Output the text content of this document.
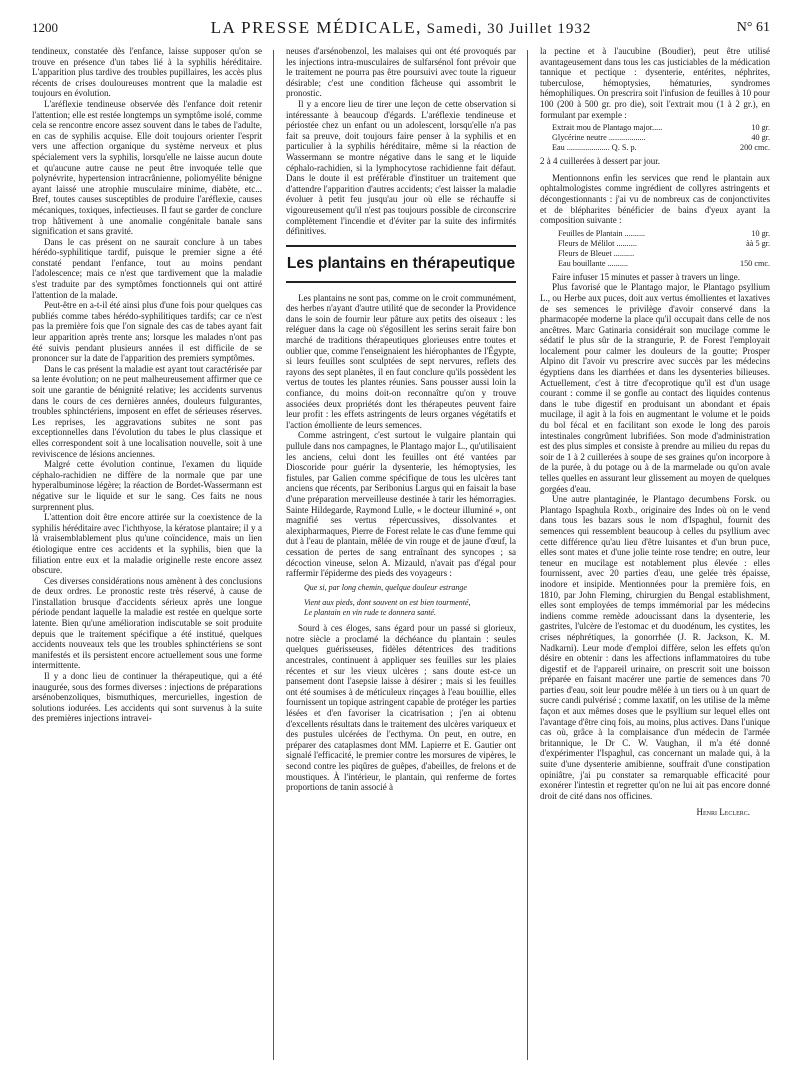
1200	LA PRESSE MÉDICALE, Samedi, 30 Juillet 1932	N° 61

tendineux, constatée dès l'enfance, laisse supposer qu'on se trouve en présence d'un tabes lié à la syphilis héréditaire. L'apparition plus tardive des troubles pupillaires, les accès plus récents de crises douloureuses montrent que la maladie est toujours en évolution.

L'aréflexie tendineuse observée dès l'enfance doit retenir l'attention; elle est restée longtemps un symptôme isolé, comme cela se rencontre encore assez souvent dans le tabes de l'adulte, en cas de syphilis acquise. Elle doit toujours orienter l'esprit vers une affection organique du système nerveux et plus spécialement vers la syphilis, lorsqu'elle ne laisse aucun doute et qu'aucune autre cause ne peut être invoquée telle que polynévrite, hypertension intracrânienne, poliomyélite bénigne ayant laissé une atrophie musculaire minime, diabète, etc... Bref, toutes causes susceptibles de produire l'aréflexie, causes mécaniques, toxiques, infectieuses. Il faut se garder de conclure trop hâtivement à une anomalie congénitale banale sans signification et sans gravité.

Dans le cas présent on ne saurait conclure à un tabes hérédo-syphilitique tardif, puisque le premier signe a été constaté pendant l'enfance, tout au moins pendant l'adolescence; mais ce n'est que tardivement que la maladie s'est traduite par des symptômes fonctionnels qui ont attiré l'attention de la malade.

Peut-être en a-t-il été ainsi plus d'une fois pour quelques cas publiés comme tabes hérédo-syphilitiques tardifs; car ce n'est pas la première fois que l'on signale des cas de tabes ayant fait leur apparition après trente ans; lorsque les malades n'ont pas été suivis pendant plusieurs années il est difficile de se prononcer sur la date de l'apparition des premiers symptômes.

Dans le cas présent la maladie est ayant tout caractérisée par sa lente évolution; on ne peut malheureusement affirmer que ce soit une garantie de bénignité relative; les accidents survenus dans le cours de ces dernières années, douleurs fulgurantes, troubles sphinctériens, imposent en effet de sérieuses réserves. Les reprises, les aggravations subites ne sont pas exceptionnelles dans l'évolution du tabes le plus classique et elles correspondent soit à une localisation nouvelle, soit à une reviviscence de lésions anciennes.

Malgré cette évolution continue, l'examen du liquide céphalo-rachidien ne diffère de la normale que par une hyperalbuminose légère; la réaction de Bordet-Wassermann est négative sur le liquide et sur le sang. Ces faits ne nous surprennent plus.

L'attention doit être encore attirée sur la coexistence de la syphilis héréditaire avec l'ichthyose, la kératose plantaire; il y a là vraisemblablement plus qu'une coïncidence, mais un lien étiologique entre ces accidents et la syphilis, bien que la filiation entre eux et la maladie originelle reste encore assez obscure.

Ces diverses considérations nous amènent à des conclusions de deux ordres. Le pronostic reste très réservé, à cause de l'installation brusque d'accidents sérieux après une longue période pendant laquelle la maladie est restée en quelque sorte latente. Bien qu'une amélioration indiscutable se soit produite depuis que le traitement spécifique a été institué, quelques accidents nouveaux tels que les troubles sphinctériens se sont manifestés et ils persistent encore actuellement sous une forme intermittente.

Il y a donc lieu de continuer la thérapeutique, qui a été inaugurée, sous des formes diverses : injections de préparations arsénobenzoliques, bismuthiques, mercurielles, ingestion de solutions iodurées. Les accidents qui sont survenus à la suite des premières injections intravei-

neuses d'arsénobenzol, les malaises qui ont été provoqués par les injections intra-musculaires de sulfarsénol font prévoir que le traitement ne pourra pas être poursuivi avec toute la rigueur désirable; c'est une condition fâcheuse qui assombrit le pronostic.

Il y a encore lieu de tirer une leçon de cette observation si intéressante à beaucoup d'égards. L'aréflexie tendineuse et périostée chez un enfant ou un adolescent, lorsqu'elle n'a pas fait sa preuve, doit toujours faire penser à la syphilis et en particulier à la syphilis héréditaire, même si la réaction de Wassermann se montre négative dans le sang et le liquide céphalo-rachidien, si la lymphocytose rachidienne fait défaut. Dans le doute il est préférable d'instituer un traitement que d'attendre l'apparition d'autres accidents; c'est laisser la maladie évoluer à petit feu jusqu'au jour où elle se réchauffe si vigoureusement qu'il n'est pas toujours possible de circonscrire complètement l'incendie et d'éviter par la suite des infirmités définitives.

Les plantains en thérapeutique

Les plantains ne sont pas, comme on le croit communément, des herbes n'ayant d'autre utilité que de seconder la Providence dans le soin de fournir leur pâture aux petits des oiseaux : les reléguer dans la cage où s'égosillent les serins serait faire bon marché de traditions thérapeutiques glorieuses entre toutes et oublier que, comme l'enseignaient les hiérophantes de l'Égypte, si leurs feuilles sont sculptées de sept nervures, reflets des rayons des sept planètes, il en faut conclure qu'ils possèdent les vertus de toutes les plantes réunies. Sans pousser aussi loin la confiance, du moins doit-on reconnaître qu'on y trouve associées deux propriétés dont les thérapeutes peuvent faire leur profit : les effets astringents de leurs organes végétatifs et l'action émolliente de leurs semences.

Comme astringent, c'est surtout le vulgaire plantain qui pullule dans nos campagnes, le Plantago major L., qu'utilisaient les anciens, celui dont les feuilles ont été vantées par Dioscoride pour guérir la dysenterie, les hémoptysies, les fistules, par Galien comme spécifique de tous les ulcères tant anciens que récents, par Seribonius Largus qui en faisait la base d'une préparation merveilleuse destinée à tarir les hémorragies. Sainte Hildegarde, Raymond Lulle, « le docteur illuminé », ont magnifié ses vertus répercussives, dissolvantes et alexipharmaques, Pierre de Forest relate le cas d'une femme qui dut à l'eau de plantain, mêlée de vin rouge et de jaune d'œuf, la cessation de pertes de sang entraînant des syncopes ; sa décoction vineuse, selon A. Mizauld, n'avait pas d'égal pour raffermir l'épiderme des pieds des voyageurs :

Que si, par long chemin, quelque douleur estrange

Vient aux pieds, dont souvent on est bien tourmenté,

Le plantain en vin rude te donnera santé.

Sourd à ces éloges, sans égard pour un passé si glorieux, notre siècle a proclamé la déchéance du plantain : seules quelques guérisseuses, fidèles détentrices des traditions ancestrales, continuent à appliquer ses feuilles sur les plaies récentes et sur les vieux ulcères ; sans doute est-ce un pansement dont l'asepsie laisse à désirer ; mais si les feuilles ont été soumises à de méticuleux rinçages à l'eau bouillie, elles fournissent un topique astringent capable de protéger les parties lésées et d'en favoriser la cicatrisation ; j'en ai obtenu d'excellents résultats dans le traitement des ulcères variqueux et des pustules ulcérées de l'ecthyma. On peut, en outre, en préparer des cataplasmes dont MM. Lapierre et E. Gautier ont signalé l'efficacité, le premier contre les morsures de vipères, le second contre les piqûres de guêpes, d'abeilles, de frelons et de moustiques. À l'intérieur, le plantain, qui renferme de fortes proportions de tanin associé à

la pectine et à l'aucubine (Boudier), peut être utilisé avantageusement dans tous les cas justiciables de la médication tannique et pectique : dysenterie, entérites, néphrites, tuberculose, hémoptysies, hématuries, syndromes hémophiliques. On prescrira soit l'infusion de feuilles à 10 pour 100 (200 à 500 gr. pro die), soit l'extrait mou (1 à 2 gr.), en formulant par exemple :

Extrait mou de Plantago major.....	10 gr.
Glycérine neutre ..................	40 gr.
Eau ..................... Q. S. p.	200 cmc.

2 à 4 cuillerées à dessert par jour.

Mentionnons enfin les services que rend le plantain aux ophtalmologistes comme ingrédient de collyres astringents et décongestionnants : j'ai vu de nombreux cas de conjonctivites et de blépharites bénéficier de bains d'yeux ayant la composition suivante :

Feuilles de Plantain ..........	10 gr.
Fleurs de Mélilot ..........	àà 5 gr.
Fleurs de Bleuet ..........
Eau bouillante ..........	150 cmc.

Faire infuser 15 minutes et passer à travers un linge.

Plus favorisé que le Plantago major, le Plantago psyllium L., ou Herbe aux puces, doit aux vertus émollientes et laxatives de ses semences le privilège d'avoir conservé dans la pharmacopée moderne la place qu'il occupait dans celle de nos ancêtres. Marc Gatinaria considérait son mucilage comme le sédatif le plus sûr de la strangurie, P. de Forest l'employait localement pour calmer les douleurs de la goutte; Prosper Alpino dit l'avoir vu prescrire avec succès par les médecins égyptiens dans les diarrhées et dans les dysenteries bilieuses. Actuellement, c'est à titre d'ecoprotique qu'il est d'un usage courant : comme il se gonfle au contact des liquides contenus dans le tube digestif en produisant un abondant et épais mucilage, il agit à la fois en augmentant le volume et le poids du bol fécal et en facilitant son exode le long des parois intestinales congrûment lubrifiées. Son mode d'administration est des plus simples et consiste à prendre au milieu du repas du soir de 1 à 2 cuillerées à soupe de ses graines qu'on incorpore à de la purée, à du potage ou à de la marmelade ou qu'on avale telles quelles en assurant leur glissement au moyen de quelques gorgées d'eau.

Une autre plantaginée, le Plantago decumbens Forsk. ou Plantago Ispaghula Roxb., originaire des Indes où on le vend dans tous les bazars sous le nom d'Ispaghul, fournit des semences qui ressemblent beaucoup à celles du psyllium avec cette différence qu'au lieu d'être luisantes et d'un brun puce, elles sont mates et d'une jolie teinte rose tendre; en outre, leur teneur en mucilage est notablement plus élevée : elles fournissent, avec 20 parties d'eau, une gelée très épaisse, inodore et insipide. Mentionnées pour la première fois, en 1810, par John Fleming, chirurgien du Bengal establishment, elles sont employées de temps immémorial par les médecins indiens comme remède adoucissant dans la dysenterie, les gastrites, l'ulcère de l'estomac et du duodénum, les cystites, les crises néphrétiques, la gonorrhée (J. R. Jackson, K. M. Nadkarni). Leur mode d'emploi diffère, selon les effets qu'on désire en obtenir : dans les affections inflammatoires du tube digestif et de l'appareil urinaire, on prescrit soit une boisson préparée en faisant macérer une partie de semences dans 70 parties d'eau, soit leur poudre mêlée à un tiers ou à un quart de sucre candi pulvérisé ; comme laxatif, on les utilise de la même façon et aux mêmes doses que le psyllium sur lequel elles ont l'avantage d'être cinq fois, au moins, plus actives. Dans l'unique cas où, grâce à la complaisance d'un médecin de l'armée britannique, le Dr C. W. Vaughan, il m'a été donné d'expérimenter l'Ispaghul, cas concernant un malade qui, à la suite d'une dysenterie amibienne, souffrait d'une constipation opiniâtre, j'ai pu constater sa remarquable efficacité pour exonérer l'intestin et regretter qu'on ne lui ait pas encore donné droit de cité dans nos officines.

Henri Leclerc.
